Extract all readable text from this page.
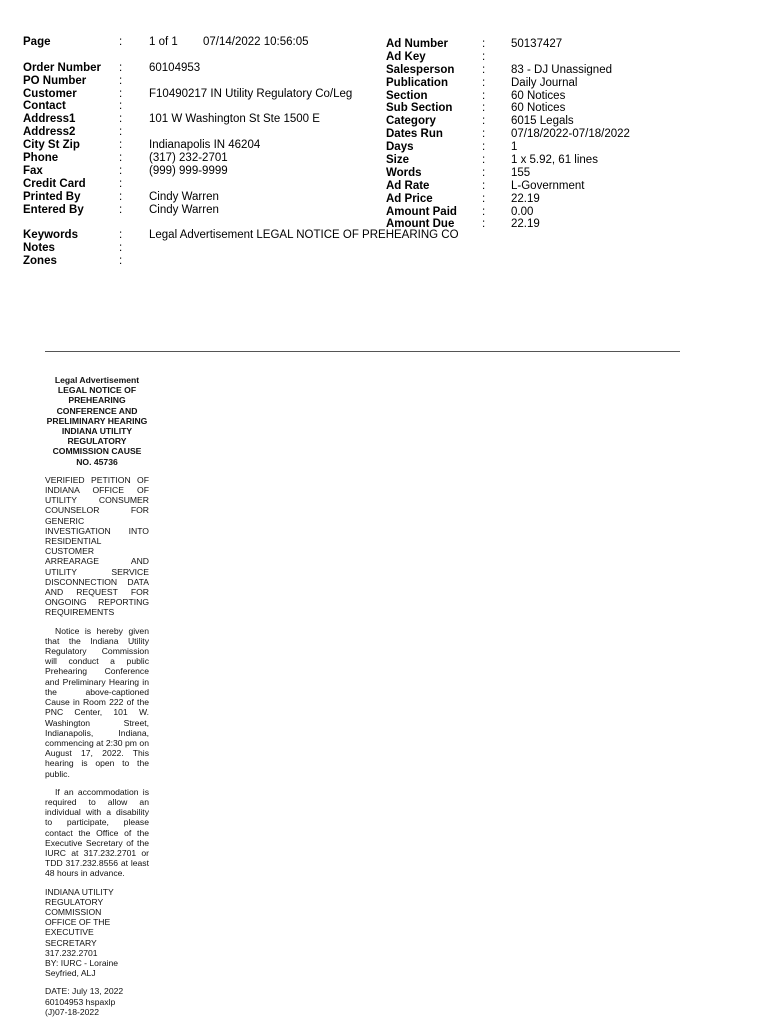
Page	:	1 of 1	07/14/2022 10:56:05
Order Number	:	60104953
PO Number	:
Customer	:	F10490217 IN Utility Regulatory Co/Leg
Contact	:
Address1	:	101 W Washington St Ste 1500 E
Address2	:
City St Zip	:	Indianapolis IN 46204
Phone	:	(317) 232-2701
Fax	:	(999) 999-9999
Credit Card	:
Printed By	:	Cindy Warren
Entered By	:	Cindy Warren
Keywords	:	Legal Advertisement LEGAL NOTICE OF PREHEARING CO
Notes	:
Zones	:
Ad Number	:	50137427
Ad Key	:
Salesperson	:	83 - DJ Unassigned
Publication	:	Daily Journal
Section	:	60 Notices
Sub Section	:	60 Notices
Category	:	6015 Legals
Dates Run	:	07/18/2022-07/18/2022
Days	:	1
Size	:	1 x 5.92, 61 lines
Words	:	155
Ad Rate	:	L-Government
Ad Price	:	22.19
Amount Paid	:	0.00
Amount Due	:	22.19
Legal Advertisement
LEGAL NOTICE OF
PREHEARING
CONFERENCE AND
PRELIMINARY HEARING
INDIANA UTILITY
REGULATORY
COMMISSION CAUSE
NO. 45736
VERIFIED PETITION OF INDIANA OFFICE OF UTILITY CONSUMER COUNSELOR FOR GENERIC INVESTIGATION INTO RESIDENTIAL CUSTOMER ARREARAGE AND UTILITY SERVICE DISCONNECTION DATA AND REQUEST FOR ONGOING REPORTING REQUIREMENTS

Notice is hereby given that the Indiana Utility Regulatory Commission will conduct a public Prehearing Conference and Preliminary Hearing in the above-captioned Cause in Room 222 of the PNC Center, 101 W. Washington Street, Indianapolis, Indiana, commencing at 2:30 pm on August 17, 2022. This hearing is open to the public.

If an accommodation is required to allow an individual with a disability to participate, please contact the Office of the Executive Secretary of the IURC at 317.232.2701 or TDD 317.232.8556 at least 48 hours in advance.

INDIANA UTILITY
REGULATORY
COMMISSION
OFFICE OF THE
EXECUTIVE
SECRETARY
317.232.2701
BY: IURC - Loraine
Seyfried, ALJ
DATE: July 13, 2022
60104953 hspaxlp
(J)07-18-2022
